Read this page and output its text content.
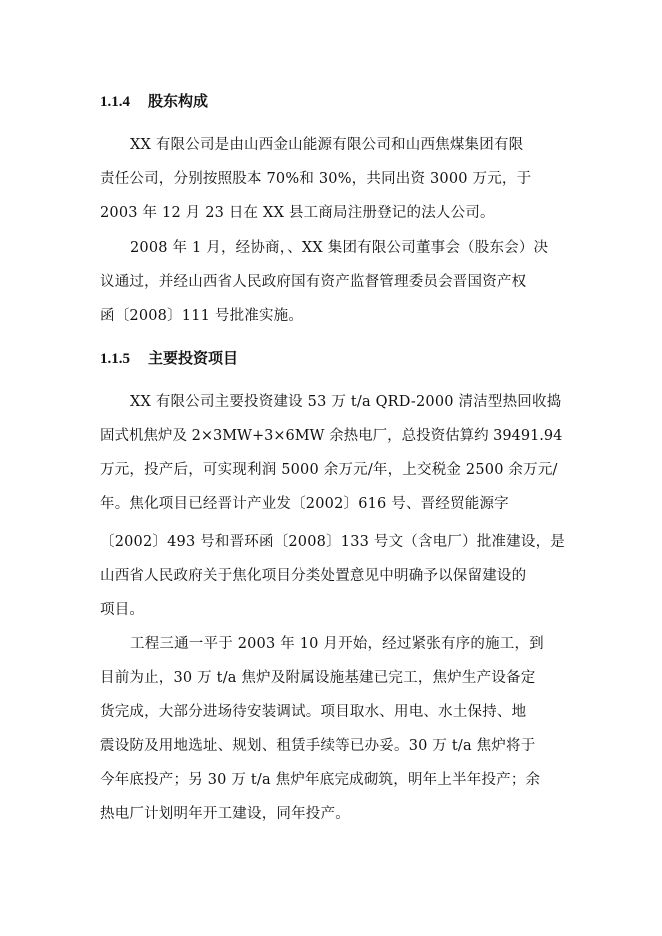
1.1.4 股东构成
XX 有限公司是由山西金山能源有限公司和山西焦煤集团有限
责任公司，分别按照股本 70%和 30%，共同出资 3000 万元，于
2003 年 12 月 23 日在 XX 县工商局注册登记的法人公司。
2008 年 1 月，经协商，、XX 集团有限公司董事会（股东会）决
议通过，并经山西省人民政府国有资产监督管理委员会晋国资产权
函〔2008〕111 号批准实施。
1.1.5 主要投资项目
XX 有限公司主要投资建设 53 万 t/a QRD-2000 清洁型热回收捣
固式机焦炉及 2×3MW+3×6MW 余热电厂，总投资估算约 39491.94
万元，投产后，可实现利润 5000 余万元/年，上交税金 2500 余万元/
年。焦化项目已经晋计产业发〔2002〕616 号、晋经贸能源字
〔2002〕493 号和晋环函〔2008〕133 号文（含电厂）批准建设，是
山西省人民政府关于焦化项目分类处置意见中明确予以保留建设的
项目。
工程三通一平于 2003 年 10 月开始，经过紧张有序的施工，到
目前为止，30 万 t/a 焦炉及附属设施基建已完工，焦炉生产设备定
货完成，大部分进场待安装调试。项目取水、用电、水土保持、地
震设防及用地选址、规划、租赁手续等已办妥。30 万 t/a 焦炉将于
今年底投产；另 30 万 t/a 焦炉年底完成砌筑，明年上半年投产；余
热电厂计划明年开工建设，同年投产。
